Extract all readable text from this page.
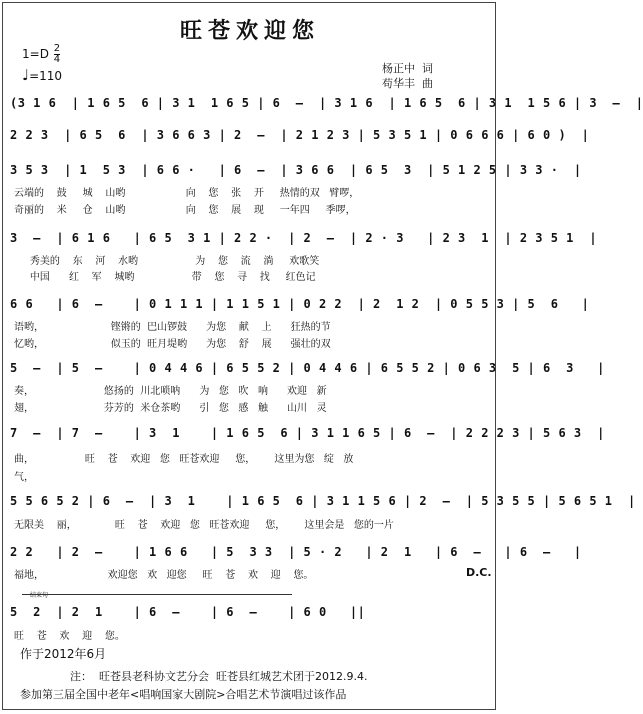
旺苍欢迎您
$1=D \frac{2}{4}$
♩=110
杨正中  词
苟华丰  曲
(3 1 6  | 1 6 5  6 | 3 1  1 6 5 | 6  —  | 3 1 6  | 1 6 5  6 | 3 1  1 5 6 | 3  —  |
2 2 3  | 6 5  6  | 3 6 6 3 | 2  —  | 2 1 2 3 | 5 3 5 1 | 0 6 6 6 | 6 0 )  |
3 5 3  | 1  5 3  | 6 6 ·   | 6  —  | 3 6 6  | 6 5  3  | 5 1 2 5 | 3 3 ·  |
云端的    鼓     城    山哟                   向    您    张    开     热情的双   臂啰，
奇丽的    米     仓    山哟                   向    您    展    现     一年四     季啰，
3  —  | 6 1 6   | 6 5  3 1 | 2 2 ·  | 2  —  | 2 · 3   | 2 3  1  | 2 3 5 1  |
秀美的    东    河    水哟                  为    您    流    淌     欢歌笑
中国      红    军    城哟                  带    您    寻    找     红色记
6 6   | 6  —    | 0 1 1 1 | 1 1 5 1 | 0 2 2  | 2  1 2  | 0 5 5 3 | 5  6   |
语哟，                     铿锵的  巴山锣鼓      为您    献    上      狂热的节
忆哟，                     似玉的  旺月堤哟      为您    舒    展      强壮的双
5  —  | 5  —    | 0 4 4 6 | 6 5 5 2 | 0 4 4 6 | 6 5 5 2 | 0 6 3  5 | 6  3   |
奏，                      悠扬的  川北唢呐      为   您   吹   响      欢迎   新
翅，                      芬芳的  米仓茶哟      引   您   感   触      山川   灵
7  —  | 7  —    | 3  1    | 1 6 5  6 | 3 1 1 6 5 | 6  —  | 2 2 2 3 | 5 6 3  |
曲，                旺    苍    欢迎   您   旺苍欢迎     您，      这里为您   绽   放
气，
5 5 6 5 2 | 6  —  | 3  1    | 1 6 5  6 | 3 1 1 5 6 | 2  —  | 5 3 5 5 | 5 6 5 1  |
无限美    丽，            旺    苍    欢迎   您   旺苍欢迎     您，      这里会是   您的一片
2 2   | 2  —    | 1 6 6   | 5  3 3  | 5 · 2   | 2  1   | 6  —   | 6  —   |
福地，                    欢迎您   欢   迎您     旺    苍    欢    迎    您。	D.C.
结束句
5  2  | 2  1    | 6  —    | 6  —    | 6 0   ||
旺    苍    欢    迎    您。
作于2012年6月
注：  旺苍县老科协文艺分会  旺苍县红城艺术团于2012.9.4.
参加第三届全国中老年<唱响国家大剧院>合唱艺术节演唱过该作品
